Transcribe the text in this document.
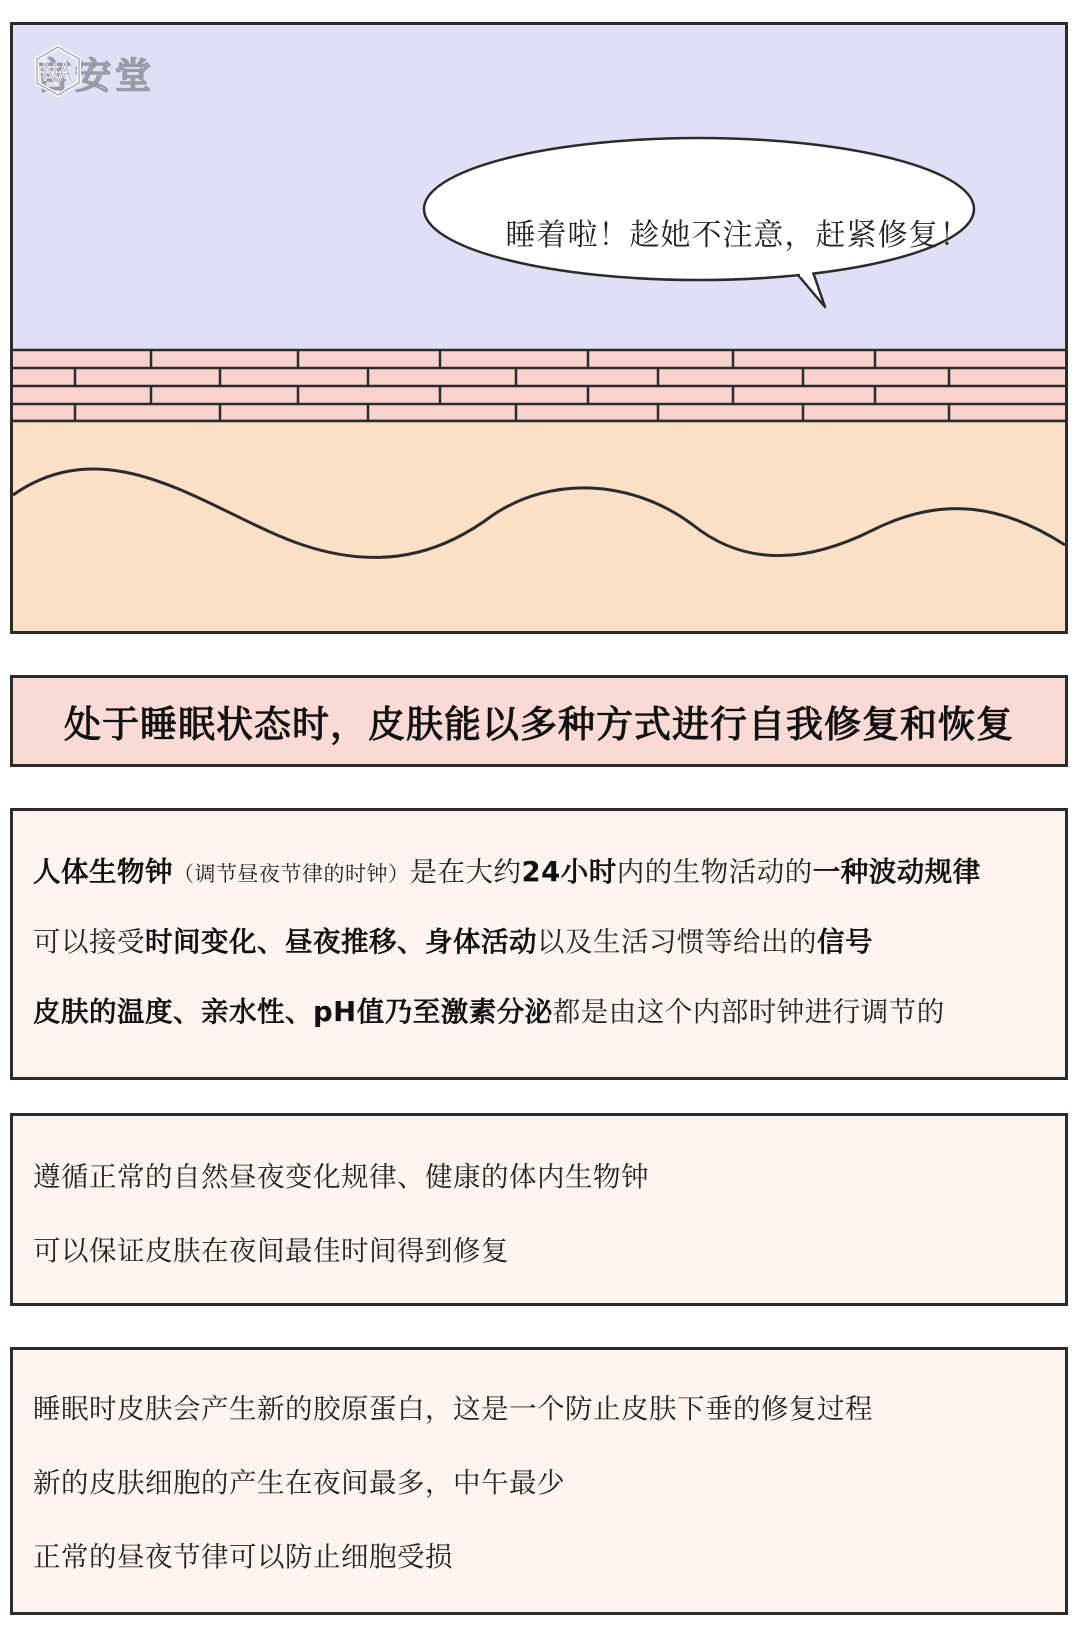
言安堂
睡着啦！趁她不注意，赶紧修复！
处于睡眠状态时，皮肤能以多种方式进行自我修复和恢复
人体生物钟（调节昼夜节律的时钟）是在大约24小时内的生物活动的一种波动规律
可以接受时间变化、昼夜推移、身体活动以及生活习惯等给出的信号
皮肤的温度、亲水性、pH值乃至激素分泌都是由这个内部时钟进行调节的
遵循正常的自然昼夜变化规律、健康的体内生物钟
可以保证皮肤在夜间最佳时间得到修复
睡眠时皮肤会产生新的胶原蛋白，这是一个防止皮肤下垂的修复过程
新的皮肤细胞的产生在夜间最多，中午最少
正常的昼夜节律可以防止细胞受损
